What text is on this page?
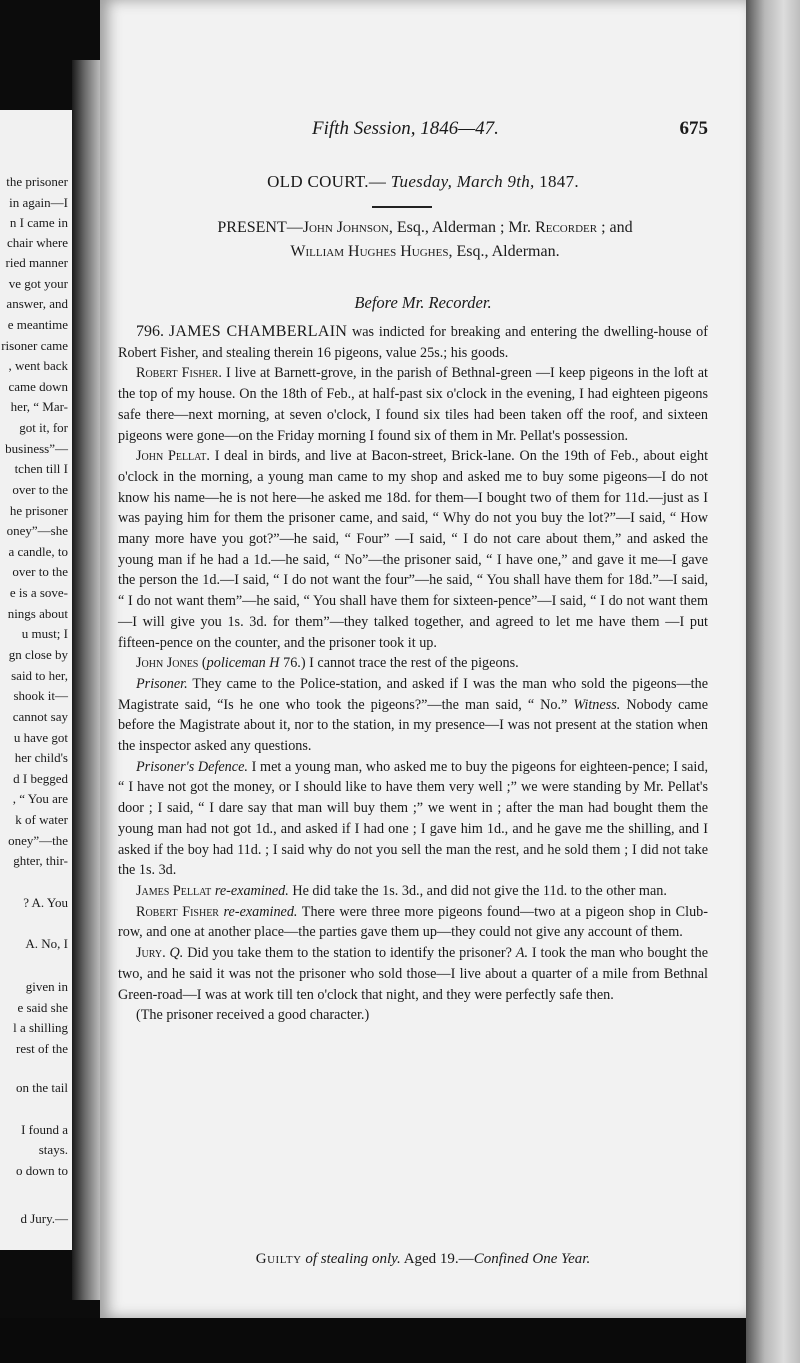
the prisoner
in again—I
n I came in
chair where
ried manner
ve got your
answer, and
e meantime
risoner came
, went back
came down
her, “ Mar-
got it, for
business”—
tchen till I
over to the
he prisoner
oney”—she
a candle, to
over to the
e is a sove-
nings about
u must; I
gn close by
said to her,
shook it—
cannot say
u have got
her child's
d I begged
, “ You are
k of water
oney”—the
ghter, thir-
? A. You
A. No, I
given in
e said she
l a shilling
rest of the
on the tail
I found a
stays.
o down to
d Jury.—
Fifth Session, 1846—47.	675
OLD COURT.— Tuesday, March 9th, 1847.
PRESENT—John Johnson, Esq., Alderman ; Mr. Recorder ; and
William Hughes Hughes, Esq., Alderman.
Before Mr. Recorder.

796. JAMES CHAMBERLAIN was indicted for breaking and entering the dwelling-house of Robert Fisher, and stealing therein 16 pigeons, value 25s.; his goods.

Robert Fisher. I live at Barnett-grove, in the parish of Bethnal-green —I keep pigeons in the loft at the top of my house. On the 18th of Feb., at half-past six o'clock in the evening, I had eighteen pigeons safe there—next morning, at seven o'clock, I found six tiles had been taken off the roof, and sixteen pigeons were gone—on the Friday morning I found six of them in Mr. Pellat's possession.

John Pellat. I deal in birds, and live at Bacon-street, Brick-lane. On the 19th of Feb., about eight o'clock in the morning, a young man came to my shop and asked me to buy some pigeons—I do not know his name—he is not here—he asked me 18d. for them—I bought two of them for 11d.—just as I was paying him for them the prisoner came, and said, “ Why do not you buy the lot?”—I said, “ How many more have you got?”—he said, “ Four” —I said, “ I do not care about them,” and asked the young man if he had a 1d.—he said, “ No”—the prisoner said, “ I have one,” and gave it me—I gave the person the 1d.—I said, “ I do not want the four”—he said, “ You shall have them for 18d.”—I said, “ I do not want them”—he said, “ You shall have them for sixteen-pence”—I said, “ I do not want them—I will give you 1s. 3d. for them”—they talked together, and agreed to let me have them —I put fifteen-pence on the counter, and the prisoner took it up.

John Jones (policeman H 76.) I cannot trace the rest of the pigeons.

Prisoner. They came to the Police-station, and asked if I was the man who sold the pigeons—the Magistrate said, “Is he one who took the pigeons?”—the man said, “ No.” Witness. Nobody came before the Magistrate about it, nor to the station, in my presence—I was not present at the station when the inspector asked any questions.

Prisoner's Defence. I met a young man, who asked me to buy the pigeons for eighteen-pence; I said, “ I have not got the money, or I should like to have them very well ;” we were standing by Mr. Pellat's door ; I said, “ I dare say that man will buy them ;” we went in ; after the man had bought them the young man had not got 1d., and asked if I had one ; I gave him 1d., and he gave me the shilling, and I asked if the boy had 11d. ; I said why do not you sell the man the rest, and he sold them ; I did not take the 1s. 3d.

James Pellat re-examined. He did take the 1s. 3d., and did not give the 11d. to the other man.

Robert Fisher re-examined. There were three more pigeons found—two at a pigeon shop in Club-row, and one at another place—the parties gave them up—they could not give any account of them.

Jury. Q. Did you take them to the station to identify the prisoner? A. I took the man who bought the two, and he said it was not the prisoner who sold those—I live about a quarter of a mile from Bethnal Green-road—I was at work till ten o'clock that night, and they were perfectly safe then.

(The prisoner received a good character.)

Guilty of stealing only. Aged 19.—Confined One Year.
